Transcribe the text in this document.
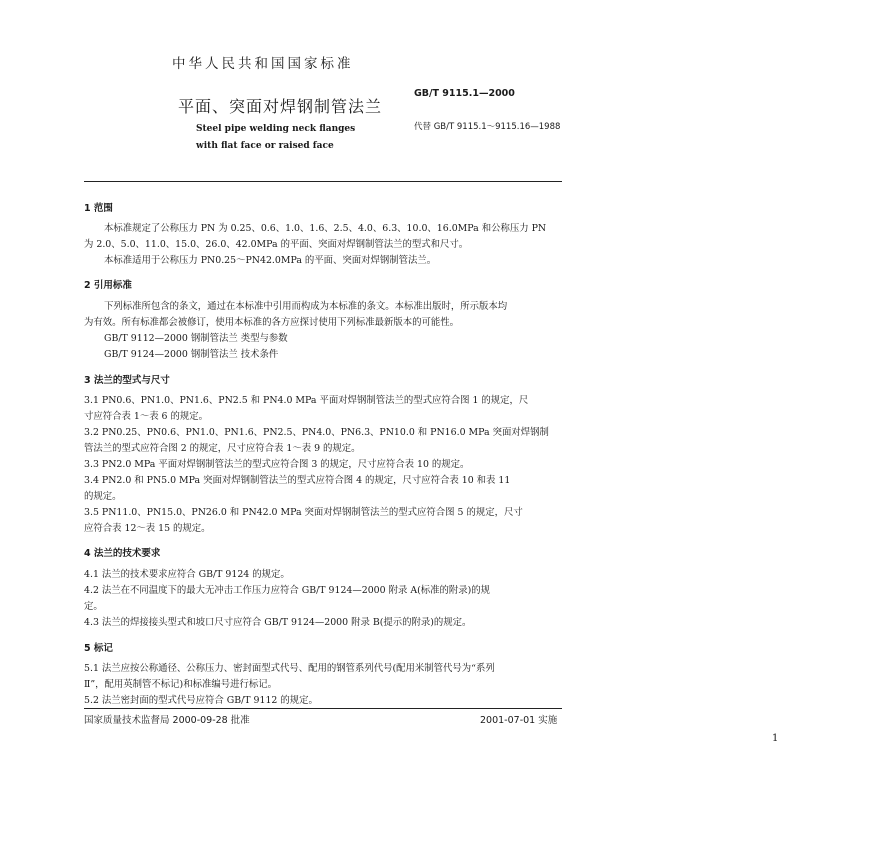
中华人民共和国国家标准
平面、突面对焊钢制管法兰
Steel pipe welding neck flanges
with flat face or raised face
GB/T 9115.1—2000
代替 GB/T 9115.1～9115.16—1988
1 范围
本标准规定了公称压力 PN 为 0.25、0.6、1.0、1.6、2.5、4.0、6.3、10.0、16.0MPa 和公称压力 PN
为 2.0、5.0、11.0、15.0、26.0、42.0MPa 的平面、突面对焊钢制管法兰的型式和尺寸。
本标准适用于公称压力 PN0.25～PN42.0MPa 的平面、突面对焊钢制管法兰。
2 引用标准
下列标准所包含的条文，通过在本标准中引用而构成为本标准的条文。本标准出版时，所示版本均
为有效。所有标准都会被修订，使用本标准的各方应探讨使用下列标准最新版本的可能性。
GB/T 9112—2000 钢制管法兰 类型与参数
GB/T 9124—2000 钢制管法兰 技术条件
3 法兰的型式与尺寸
3.1 PN0.6、PN1.0、PN1.6、PN2.5 和 PN4.0 MPa 平面对焊钢制管法兰的型式应符合图 1 的规定，尺
寸应符合表 1～表 6 的规定。
3.2 PN0.25、PN0.6、PN1.0、PN1.6、PN2.5、PN4.0、PN6.3、PN10.0 和 PN16.0 MPa 突面对焊钢制
管法兰的型式应符合图 2 的规定，尺寸应符合表 1～表 9 的规定。
3.3 PN2.0 MPa 平面对焊钢制管法兰的型式应符合图 3 的规定，尺寸应符合表 10 的规定。
3.4 PN2.0 和 PN5.0 MPa 突面对焊钢制管法兰的型式应符合图 4 的规定，尺寸应符合表 10 和表 11
的规定。
3.5 PN11.0、PN15.0、PN26.0 和 PN42.0 MPa 突面对焊钢制管法兰的型式应符合图 5 的规定，尺寸
应符合表 12～表 15 的规定。
4 法兰的技术要求
4.1 法兰的技术要求应符合 GB/T 9124 的规定。
4.2 法兰在不同温度下的最大无冲击工作压力应符合 GB/T 9124—2000 附录 A(标准的附录)的规
定。
4.3 法兰的焊接接头型式和坡口尺寸应符合 GB/T 9124—2000 附录 B(提示的附录)的规定。
5 标记
5.1 法兰应按公称通径、公称压力、密封面型式代号、配用的钢管系列代号(配用米制管代号为“系列
Ⅱ”，配用英制管不标记)和标准编号进行标记。
5.2 法兰密封面的型式代号应符合 GB/T 9112 的规定。
国家质量技术监督局 2000-09-28 批准	2001-07-01 实施
1
